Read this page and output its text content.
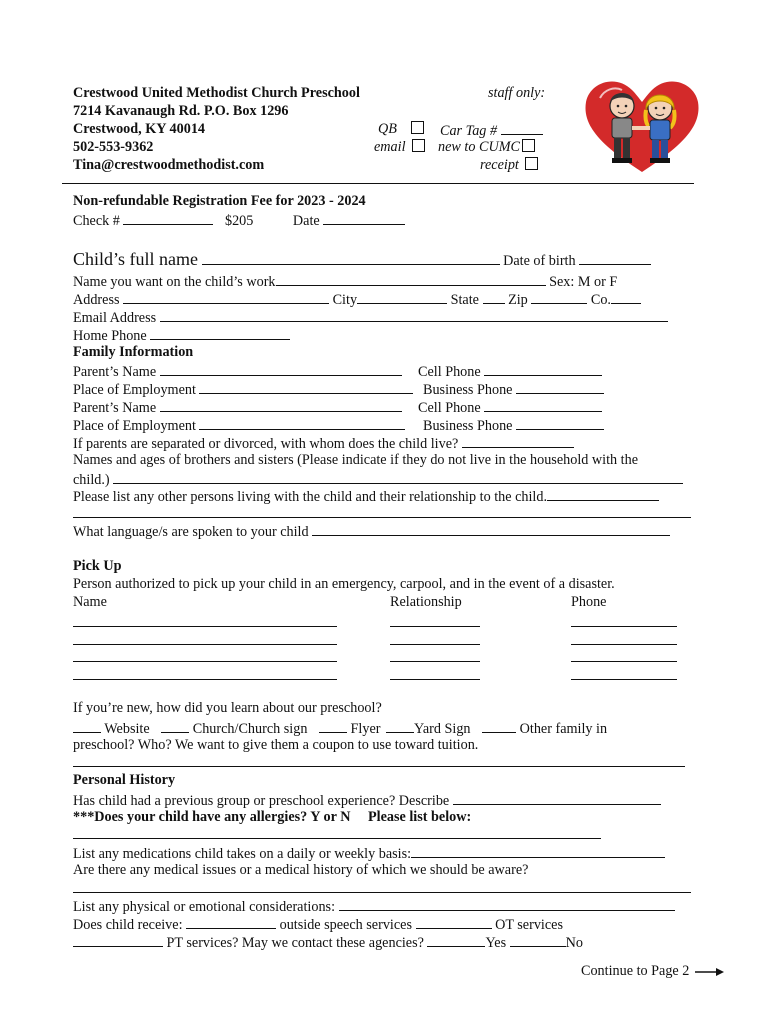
Crestwood United Methodist Church Preschool
7214 Kavanaugh Rd. P.O. Box 1296
Crestwood, KY 40014
502-553-9362
Tina@crestwoodmethodist.com
staff only:
QB	Car Tag #
email	new to CUMC
receipt
Non-refundable Registration Fee for 2023 - 2024
Check #	$205	Date
Child’s full name	Date of birth
Name you want on the child’s work	Sex: M or F
Address	City	State Zip	Co.
Email Address
Home Phone
Family Information
Parent’s Name	Cell Phone
Place of Employment	Business Phone
Parent’s Name	Cell Phone
Place of Employment	Business Phone
If parents are separated or divorced, with whom does the child live?
Names and ages of brothers and sisters (Please indicate if they do not live in the household with the
child.)
Please list any other persons living with the child and their relationship to the child.
What language/s are spoken to your child
Pick Up
Person authorized to pick up your child in an emergency, carpool, and in the event of a disaster.
Name	Relationship	Phone
If you’re new, how did you learn about our preschool?
Website	Church/Church sign	Flyer Yard Sign	Other family in
preschool? Who? We want to give them a coupon to use toward tuition.
Personal History
Has child had a previous group or preschool experience? Describe
***Does your child have any allergies? Y or N Please list below:
List any medications child takes on a daily or weekly basis:
Are there any medical issues or a medical history of which we should be aware?
List any physical or emotional considerations:
Does child receive:	outside speech services	OT services
PT services? May we contact these agencies?	Yes	No
Continue to Page 2
